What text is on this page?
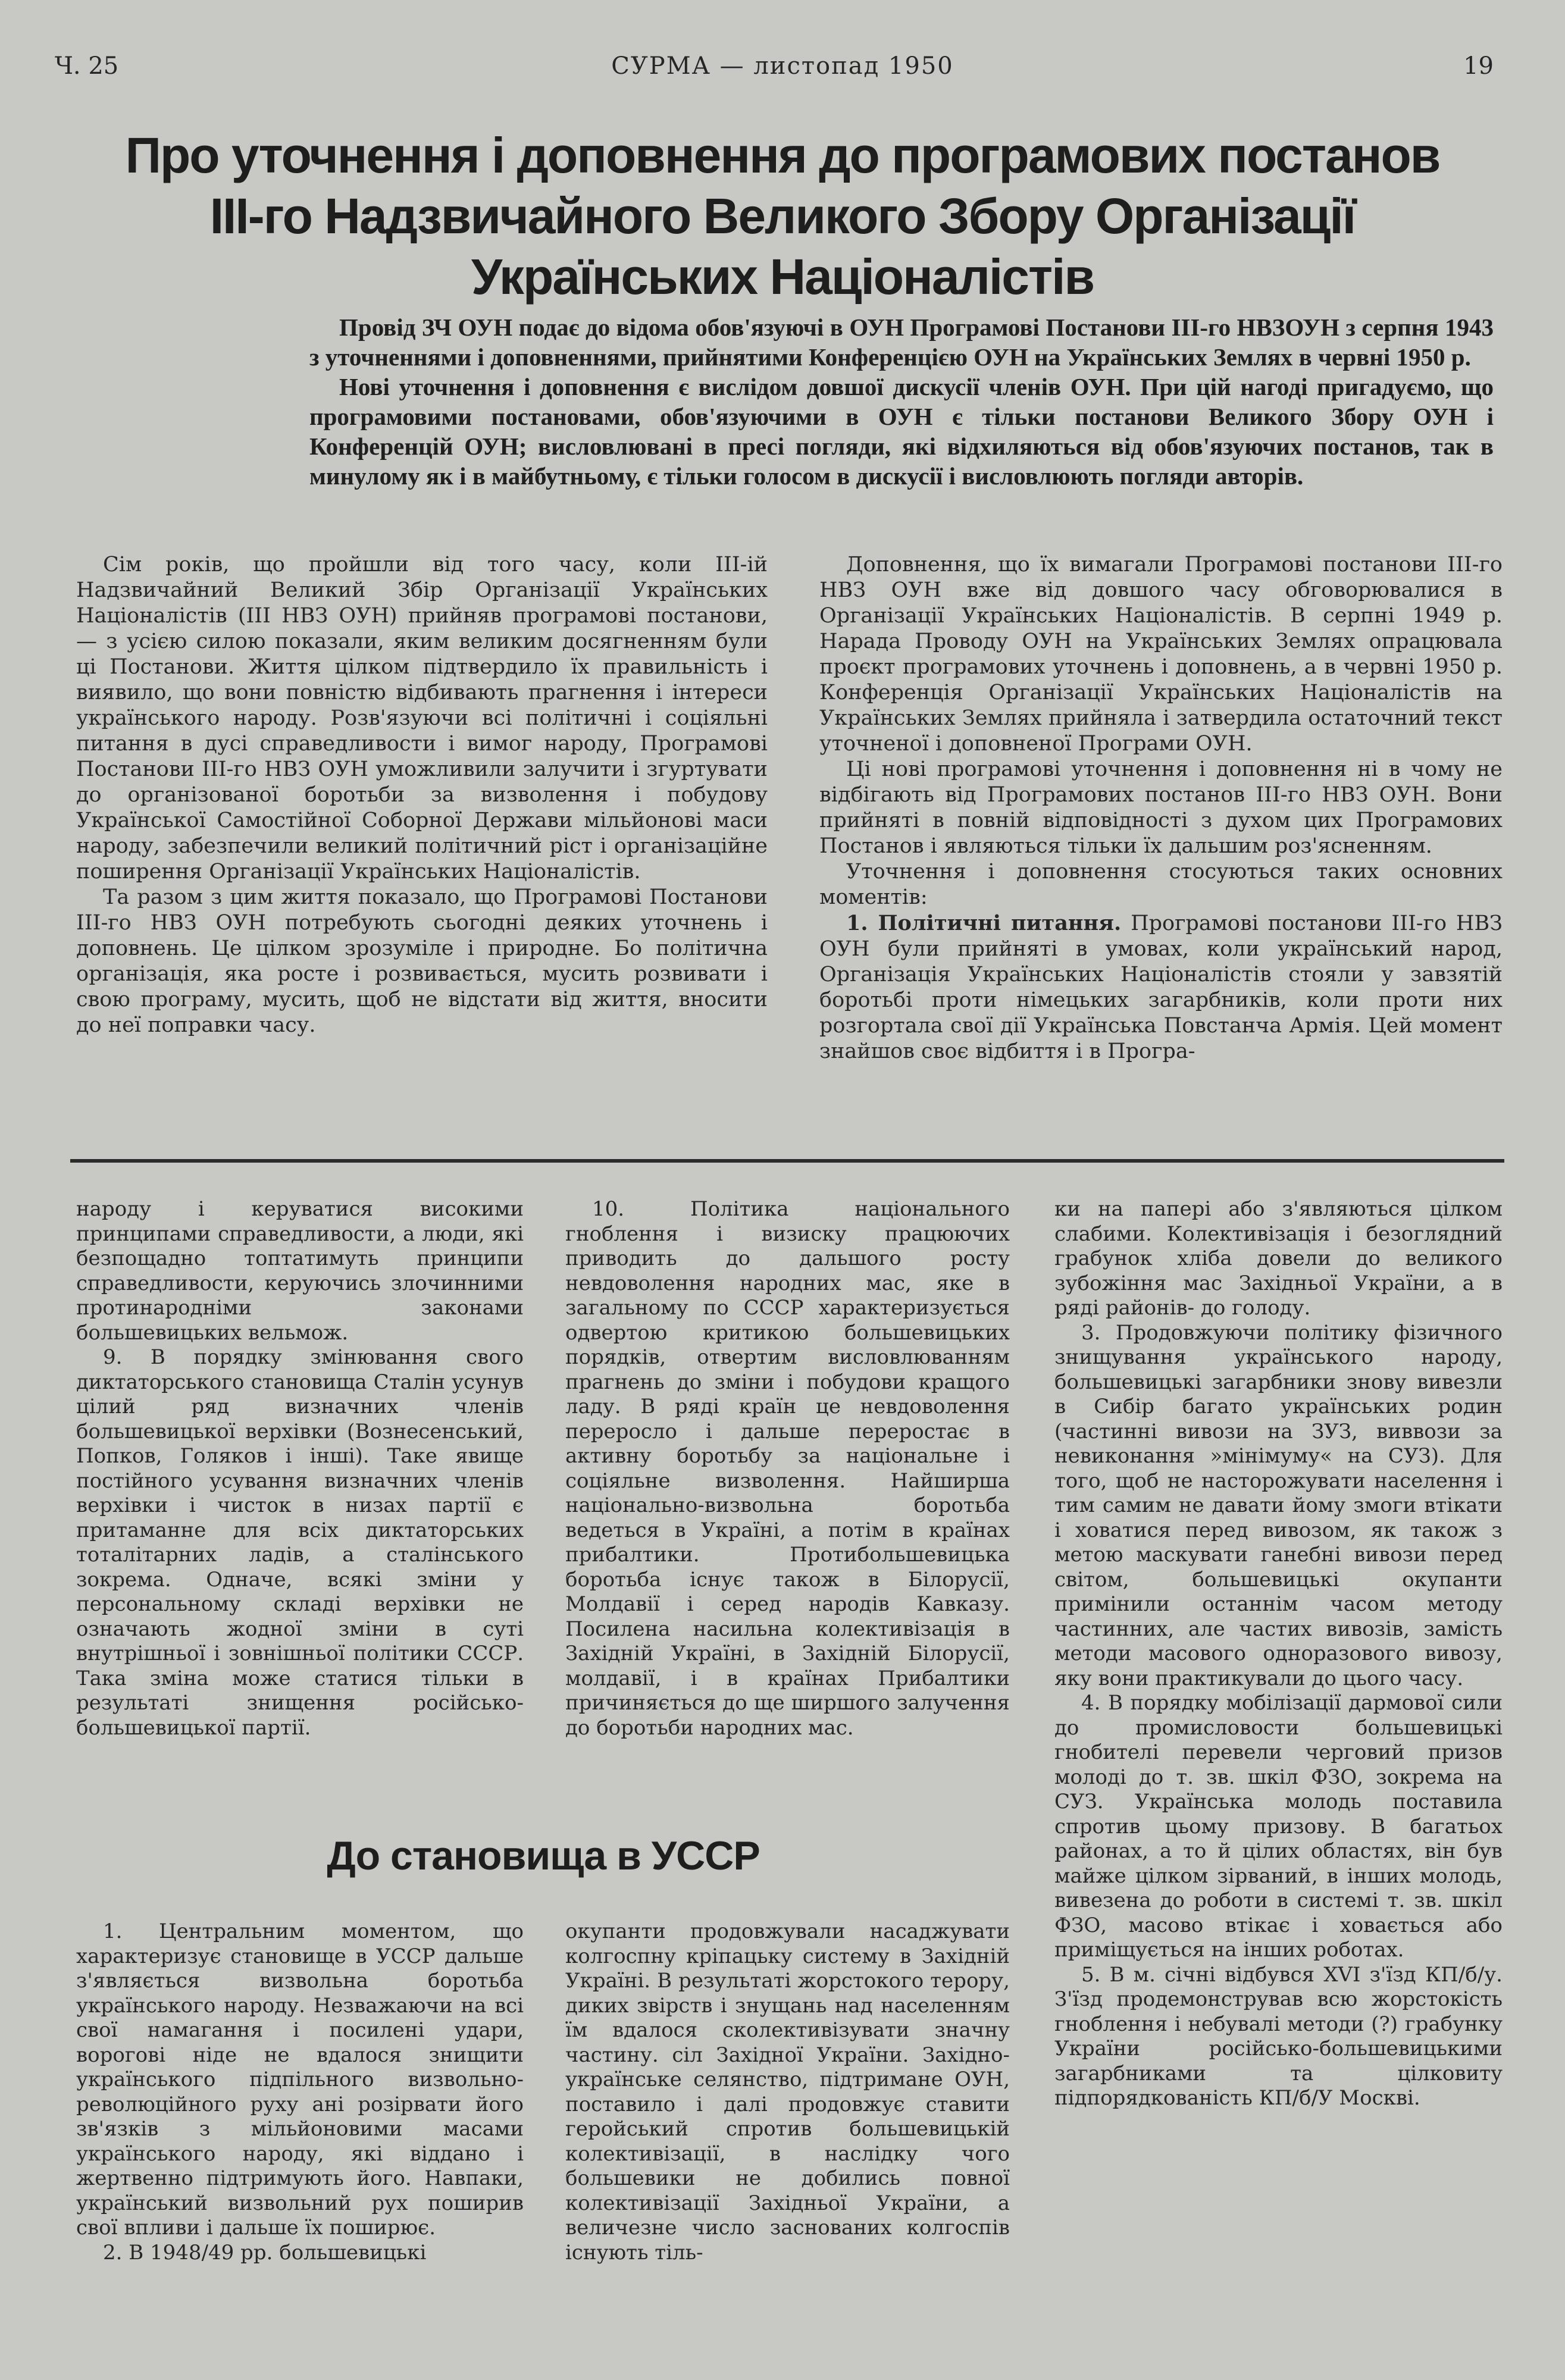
Ч. 25	СУРМА — листопад 1950	19
Про уточнення і доповнення до програмових постанов
III-го Надзвичайного Великого Збору Організації
Українських Націоналістів

Провід ЗЧ ОУН подає до відома обов'язуючі в ОУН Програмові Постанови III-го НВЗОУН з серпня 1943 з уточненнями і доповненнями, прийнятими Конференцією ОУН на Українських Землях в червні 1950 р.

Нові уточнення і доповнення є вислідом довшої дискусії членів ОУН. При цій нагоді пригадуємо, що програмовими постановами, обов'язуючими в ОУН є тільки постанови Великого Збору ОУН і Конференцій ОУН; висловлювані в пресі погляди, які відхиляються від обов'язуючих постанов, так в минулому як і в майбутньому, є тільки голосом в дискусії і висловлюють погляди авторів.

Сім років, що пройшли від того часу, коли III-ій Надзвичайний Великий Збір Організації Українських Націоналістів (III НВЗ ОУН) прийняв програмові постанови, — з усією силою показали, яким великим досягненням були ці Постанови. Життя цілком підтвердило їх правильність і виявило, що вони повністю відбивають прагнення і інтереси українського народу. Розв'язуючи всі політичні і соціяльні питання в дусі справедливости і вимог народу, Програмові Постанови III-го НВЗ ОУН уможливили залучити і згуртувати до організованої боротьби за визволення і побудову Української Самостійної Соборної Держави мільйонові маси народу, забезпечили великий політичний ріст і організаційне поширення Організації Українських Націоналістів.

Та разом з цим життя показало, що Програмові Постанови III-го НВЗ ОУН потребують сьогодні деяких уточнень і доповнень. Це цілком зрозуміле і природне. Бо політична організація, яка росте і розвивається, мусить розвивати і свою програму, мусить, щоб не відстати від життя, вносити до неї поправки часу.

Доповнення, що їх вимагали Програмові постанови III-го НВЗ ОУН вже від довшого часу обговорювалися в Організації Українських Націоналістів. В серпні 1949 р. Нарада Проводу ОУН на Українських Землях опрацювала проєкт програмових уточнень і доповнень, а в червні 1950 р. Конференція Організації Українських Націоналістів на Українських Землях прийняла і затвердила остаточний текст уточненої і доповненої Програми ОУН.

Ці нові програмові уточнення і доповнення ні в чому не відбігають від Програмових постанов III-го НВЗ ОУН. Вони прийняті в повній відповідності з духом цих Програмових Постанов і являються тільки їх дальшим роз'ясненням.

Уточнення і доповнення стосуються таких основних моментів:

1. Політичні питання. Програмові постанови III-го НВЗ ОУН були прийняті в умовах, коли український народ, Організація Українських Націоналістів стояли у завзятій боротьбі проти німецьких загарбників, коли проти них розгортала свої дії Українська Повстанча Армія. Цей момент знайшов своє відбиття і в Програ-

народу і керуватися високими принципами справедливости, а люди, які безпощадно топтатимуть принципи справедливости, керуючись злочинними протинародніми законами большевицьких вельмож.

9. В порядку змінювання свого диктаторського становища Сталін усунув цілий ряд визначних членів большевицької верхівки (Вознесенський, Попков, Голяков і інші). Таке явище постійного усування визначних членів верхівки і чисток в низах партії є притаманне для всіх диктаторських тоталітарних ладів, а сталінського зокрема. Одначе, всякі зміни у персональному складі верхівки не означають жодної зміни в суті внутрішньої і зовнішньої політики СССР. Така зміна може статися тільки в результаті знищення російсько-большевицької партії.

10. Політика національного гноблення і визиску працюючих приводить до дальшого росту невдоволення народних мас, яке в загальному по СССР характеризується одвертою критикою большевицьких порядків, отвертим висловлюванням прагнень до зміни і побудови кращого ладу. В ряді країн це невдоволення переросло і дальше переростає в активну боротьбу за національне і соціяльне визволення. Найширша національно-визвольна боротьба ведеться в Україні, а потім в країнах прибалтики. Протибольшевицька боротьба існує також в Білорусії, Молдавії і серед народів Кавказу. Посилена насильна колективізація в Західній Україні, в Західній Білорусії, молдавії, і в країнах Прибалтики причиняється до ще ширшого залучення до боротьби народних мас.

До становища в УССР

1. Центральним моментом, що характеризує становище в УССР дальше з'являється визвольна боротьба українського народу. Незважаючи на всі свої намагання і посилені удари, ворогові ніде не вдалося знищити українського підпільного визвольно-революційного руху ані розірвати його зв'язків з мільйоновими масами українського народу, які віддано і жертвенно підтримують його. Навпаки, український визвольний рух поширив свої впливи і дальше їх поширює.

2. В 1948/49 рр. большевицькі

окупанти продовжували насаджувати колгоспну кріпацьку систему в Західній Україні. В результаті жорстокого терору, диких звірств і знущань над населенням їм вдалося сколективізувати значну частину. сіл Західної України. Західно-українське селянство, підтримане ОУН, поставило і далі продовжує ставити геройський спротив большевицькій колективізації, в наслідку чого большевики не добились повної колективізації Західньої України, а величезне число заснованих колгоспів існують тіль-

ки на папері або з'являються цілком слабими. Колективізація і безоглядний грабунок хліба довели до великого зубожіння мас Західньої України, а в ряді районів- до голоду.

3. Продовжуючи політику фізичного знищування українського народу, большевицькі загарбники знову вивезли в Сибір багато українських родин (частинні вивози на ЗУЗ, виввози за невиконання »мінімуму« на СУЗ). Для того, щоб не насторожувати населення і тим самим не давати йому змоги втікати і ховатися перед вивозом, як також з метою маскувати ганебні вивози перед світом, большевицькі окупанти примінили останнім часом методу частинних, але частих вивозів, замість методи масового одноразового вивозу, яку вони практикували до цього часу.

4. В порядку мобілізації дармової сили до промисловости большевицькі гнобителі перевели черговий призов молоді до т. зв. шкіл ФЗО, зокрема на СУЗ. Українська молодь поставила спротив цьому призову. В багатьох районах, а то й цілих областях, він був майже цілком зірваний, в інших молодь, вивезена до роботи в системі т. зв. шкіл ФЗО, масово втікає і ховається або приміщується на інших роботах.

5. В м. січні відбувся XVI з'їзд КП/б/у. З'їзд продемонстрував всю жорстокість гноблення і небувалі методи (?) грабунку України російсько-большевицькими загарбниками та цілковиту підпорядкованість КП/б/У Москві.
